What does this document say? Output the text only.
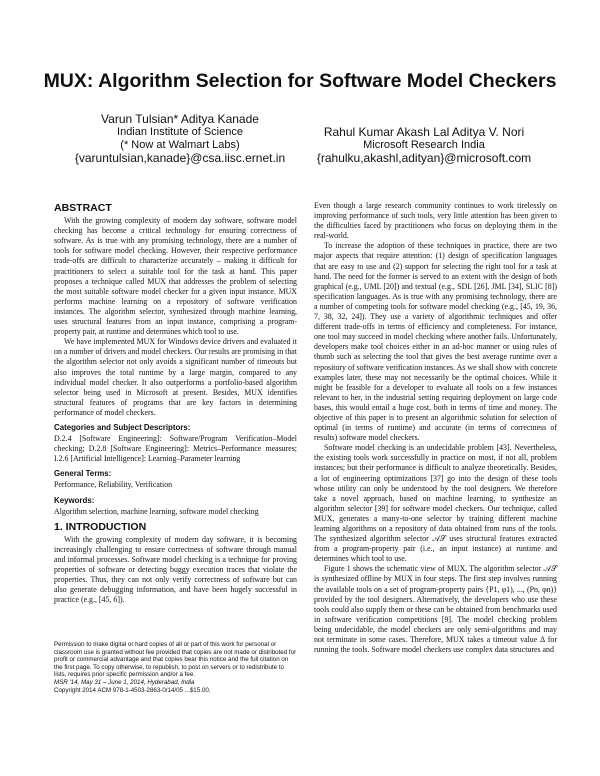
MUX: Algorithm Selection for Software Model Checkers
Varun Tulsian* Aditya Kanade
Indian Institute of Science
(* Now at Walmart Labs)
{varuntulsian,kanade}@csa.iisc.ernet.in
Rahul Kumar Akash Lal Aditya V. Nori
Microsoft Research India
{rahulku,akashl,adityan}@microsoft.com
ABSTRACT

With the growing complexity of modern day software, software model checking has become a critical technology for ensuring correctness of software. As is true with any promising technology, there are a number of tools for software model checking. However, their respective performance trade-offs are difficult to characterize accurately – making it difficult for practitioners to select a suitable tool for the task at hand. This paper proposes a technique called MUX that addresses the problem of selecting the most suitable software model checker for a given input instance. MUX performs machine learning on a repository of software verification instances. The algorithm selector, synthesized through machine learning, uses structural features from an input instance, comprising a program-property pair, at runtime and determines which tool to use.

We have implemented MUX for Windows device drivers and evaluated it on a number of drivers and model checkers. Our results are promising in that the algorithm selector not only avoids a significant number of timeouts but also improves the total runtime by a large margin, compared to any individual model checker. It also outperforms a portfolio-based algorithm selector being used in Microsoft at present. Besides, MUX identifies structural features of programs that are key factors in determining performance of model checkers.

Categories and Subject Descriptors:

D.2.4 [Software Engineering]: Software/Program Verification–Model checking; D.2.8 [Software Engineering]: Metrics–Performance measures; I.2.6 [Artificial Intelligence]: Learning–Parameter learning

General Terms:

Performance, Reliability, Verification

Keywords:

Algorithm selection, machine learning, software model checking

1. INTRODUCTION

With the growing complexity of modern day software, it is becoming increasingly challenging to ensure correctness of software through manual and informal processes. Software model checking is a technique for proving properties of software or detecting buggy execution traces that violate the properties. Thus, they can not only verify correctness of software but can also generate debugging information, and have been hugely successful in practice (e.g., [45, 6]).

Permission to make digital or hard copies of all or part of this work for personal or classroom use is granted without fee provided that copies are not made or distributed for profit or commercial advantage and that copies bear this notice and the full citation on the first page. To copy otherwise, to republish, to post on servers or to redistribute to lists, requires prior specific permission and/or a fee.
MSR '14, May 31 – June 1, 2014, Hyderabad, India
Copyright 2014 ACM 978-1-4503-2863-0/14/05 ...$15.00.

Even though a large research community continues to work tirelessly on improving performance of such tools, very little attention has been given to the difficulties faced by practitioners who focus on deploying them in the real-world.

To increase the adoption of these techniques in practice, there are two major aspects that require attention: (1) design of specification languages that are easy to use and (2) support for selecting the right tool for a task at hand. The need for the former is served to an extent with the design of both graphical (e.g., UML [20]) and textual (e.g., SDL [26], JML [34], SLIC [8]) specification languages. As is true with any promising technology, there are a number of competing tools for software model checking (e.g., [45, 19, 36, 7, 38, 32, 24]). They use a variety of algorithmic techniques and offer different trade-offs in terms of efficiency and completeness. For instance, one tool may succeed in model checking where another fails. Unfortunately, developers make tool choices either in an ad-hoc manner or using rules of thumb such as selecting the tool that gives the best average runtime over a repository of software verification instances. As we shall show with concrete examples later, these may not necessarily be the optimal choices. While it might be feasible for a developer to evaluate all tools on a few instances relevant to her, in the industrial setting requiring deployment on large code bases, this would entail a huge cost, both in terms of time and money. The objective of this paper is to present an algorithmic solution for selection of optimal (in terms of runtime) and accurate (in terms of correctness of results) software model checkers.

Software model checking is an undecidable problem [43]. Nevertheless, the existing tools work successfully in practice on most, if not all, problem instances; but their performance is difficult to analyze theoretically. Besides, a lot of engineering optimizations [37] go into the design of these tools whose utility can only be understood by the tool designers. We therefore take a novel approach, based on machine learning, to synthesize an algorithm selector [39] for software model checkers. Our technique, called MUX, generates a many-to-one selector by training different machine learning algorithms on a repository of data obtained from runs of the tools. The synthesized algorithm selector 𝒜𝒮 uses structural features extracted from a program-property pair (i.e., an input instance) at runtime and determines which tool to use.

Figure 1 shows the schematic view of MUX. The algorithm selector 𝒜𝒮 is synthesized offline by MUX in four steps. The first step involves running the available tools on a set of program-property pairs {P1, φ1), ..., (Pn, φn)} provided by the tool designers. Alternatively, the developers who use these tools could also supply them or these can be obtained from benchmarks used in software verification competitions [9]. The model checking problem being undecidable, the model checkers are only semi-algorithms and may not terminate in some cases. Therefore, MUX takes a timeout value Δ for running the tools. Software model checkers use complex data structures and
